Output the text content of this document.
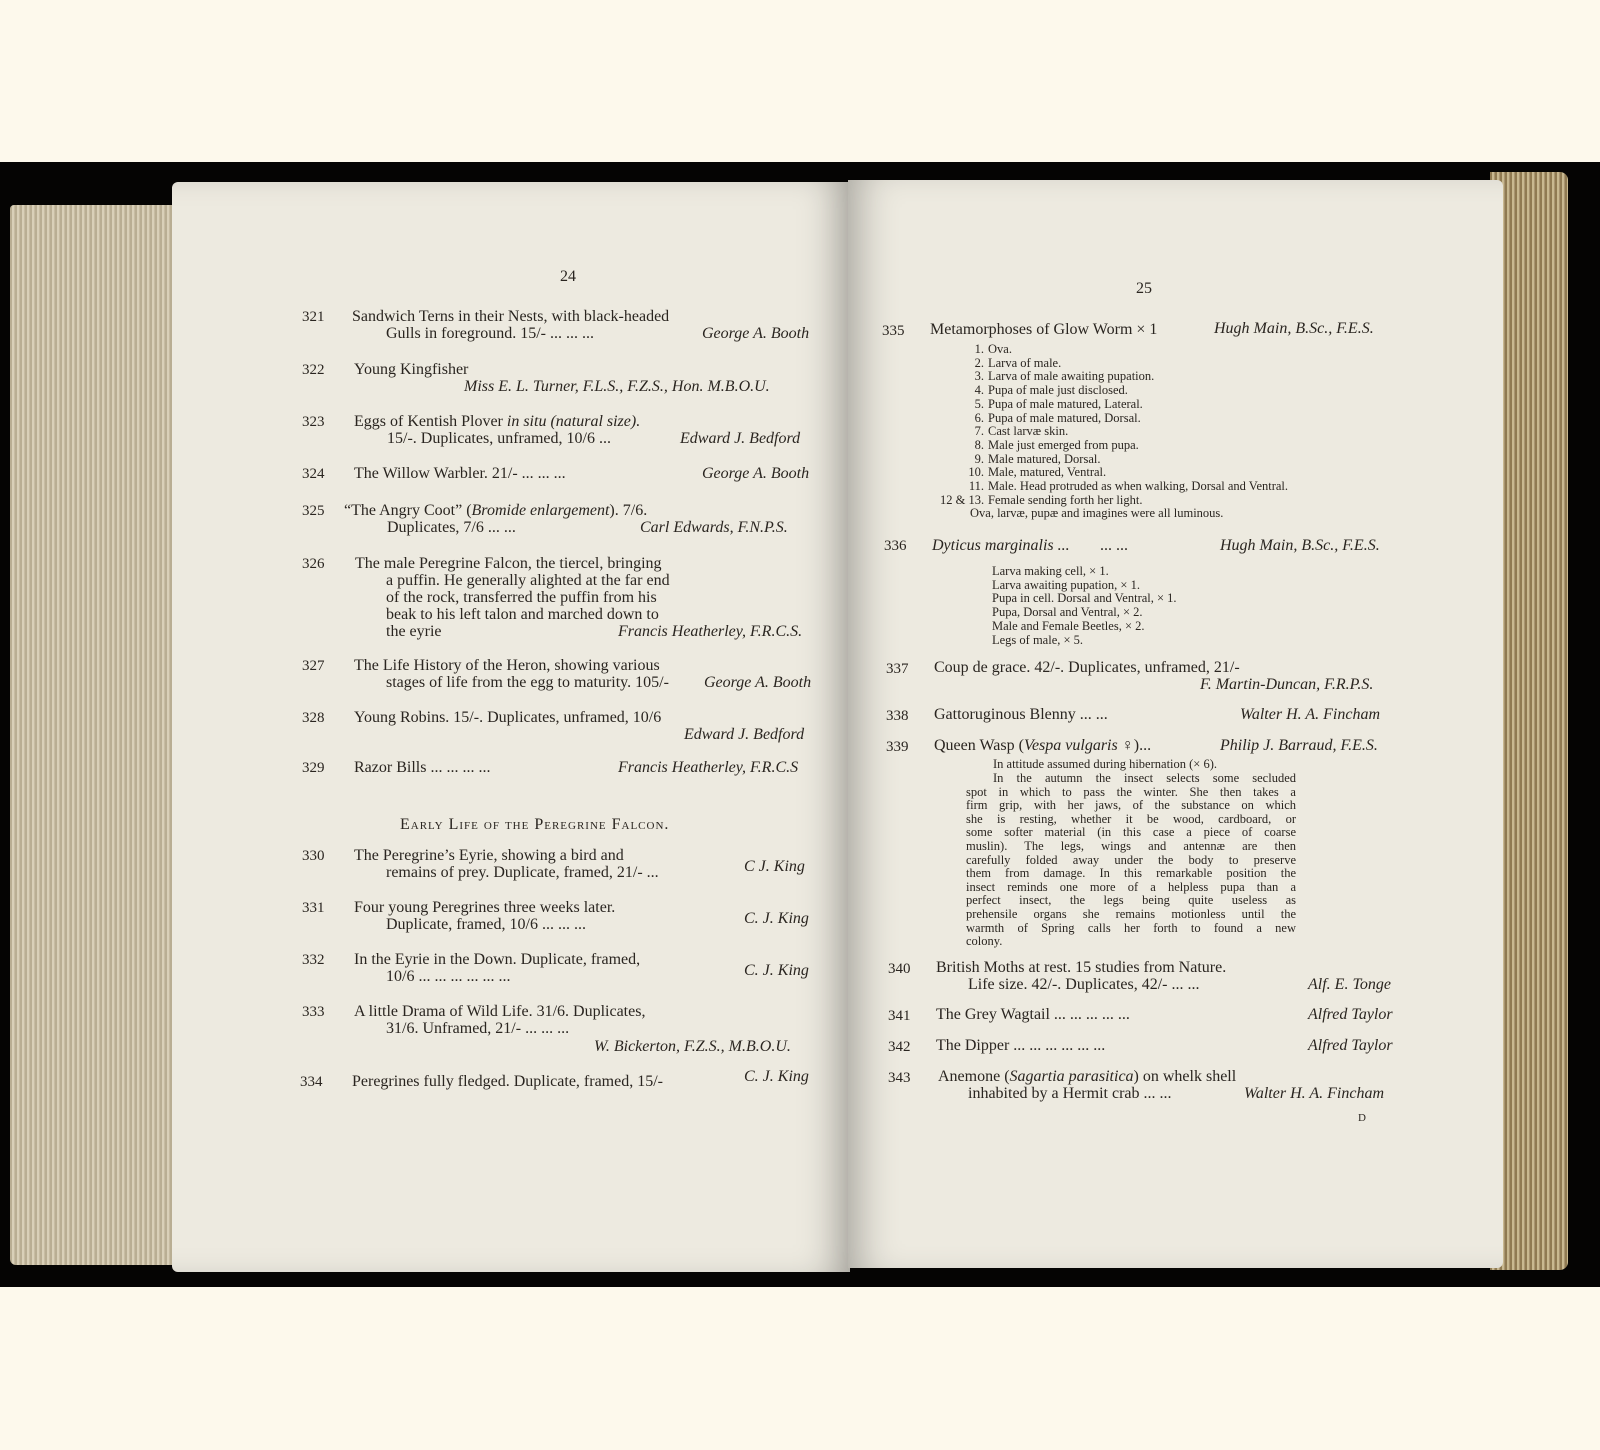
24
321 Sandwich Terns in their Nests, with black-headed
Gulls in foreground. 15/- ... ... ...	George A. Booth
322 Young Kingfisher
Miss E. L. Turner, F.L.S., F.Z.S., Hon. M.B.O.U.
323 Eggs of Kentish Plover in situ (natural size).
15/-. Duplicates, unframed, 10/6 ...	Edward J. Bedford
324 The Willow Warbler. 21/- ... ... ...	George A. Booth
325 “The Angry Coot” (Bromide enlargement). 7/6.
Duplicates, 7/6 ... ...	Carl Edwards, F.N.P.S.
326 The male Peregrine Falcon, the tiercel, bringing
a puffin. He generally alighted at the far end
of the rock, transferred the puffin from his
beak to his left talon and marched down to
the eyrie	Francis Heatherley, F.R.C.S.
327 The Life History of the Heron, showing various
stages of life from the egg to maturity. 105/- George A. Booth
328 Young Robins. 15/-. Duplicates, unframed, 10/6
Edward J. Bedford
329 Razor Bills ... ... ... ...	Francis Heatherley, F.R.C.S
Early Life of the Peregrine Falcon.
330 The Peregrine’s Eyrie, showing a bird and
remains of prey. Duplicate, framed, 21/- ...	C J. King
331 Four young Peregrines three weeks later.
Duplicate, framed, 10/6 ... ... ...	C. J. King
332 In the Eyrie in the Down. Duplicate, framed,
10/6 ... ... ... ... ... ...	C. J. King
333 A little Drama of Wild Life. 31/6. Duplicates,
31/6. Unframed, 21/- ... ... ...
W. Bickerton, F.Z.S., M.B.O.U.
334 Peregrines fully fledged. Duplicate, framed, 15/-	C. J. King
25
335 Metamorphoses of Glow Worm × 1	Hugh Main, B.Sc., F.E.S.
1. Ova.
2. Larva of male.
3. Larva of male awaiting pupation.
4. Pupa of male just disclosed.
5. Pupa of male matured, Lateral.
6. Pupa of male matured, Dorsal.
7. Cast larvæ skin.
8. Male just emerged from pupa.
9. Male matured, Dorsal.
10. Male, matured, Ventral.
11. Male. Head protruded as when walking, Dorsal and Ventral.
12 & 13. Female sending forth her light.
Ova, larvæ, pupæ and imagines were all luminous.
336 Dyticus marginalis ... ... ...	Hugh Main, B.Sc., F.E.S.
Larva making cell, × 1.
Larva awaiting pupation, × 1.
Pupa in cell. Dorsal and Ventral, × 1.
Pupa, Dorsal and Ventral, × 2.
Male and Female Beetles, × 2.
Legs of male, × 5.
337 Coup de grace. 42/-. Duplicates, unframed, 21/-
F. Martin-Duncan, F.R.P.S.
338 Gattoruginous Blenny ... ...	Walter H. A. Fincham
339 Queen Wasp (Vespa vulgaris ♀)...	Philip J. Barraud, F.E.S.
In attitude assumed during hibernation (× 6).
In the autumn the insect selects some secluded
spot in which to pass the winter. She then takes a
firm grip, with her jaws, of the substance on which
she is resting, whether it be wood, cardboard, or
some softer material (in this case a piece of coarse
muslin). The legs, wings and antennæ are then
carefully folded away under the body to preserve
them from damage. In this remarkable position the
insect reminds one more of a helpless pupa than a
perfect insect, the legs being quite useless as
prehensile organs she remains motionless until the
warmth of Spring calls her forth to found a new
colony.
340 British Moths at rest. 15 studies from Nature.
Life size. 42/-. Duplicates, 42/- ... ...	Alf. E. Tonge
341 The Grey Wagtail ... ... ... ... ...	Alfred Taylor
342 The Dipper ... ... ... ... ... ...	Alfred Taylor
343 Anemone (Sagartia parasitica) on whelk shell
inhabited by a Hermit crab ... ...	Walter H. A. Fincham
D
